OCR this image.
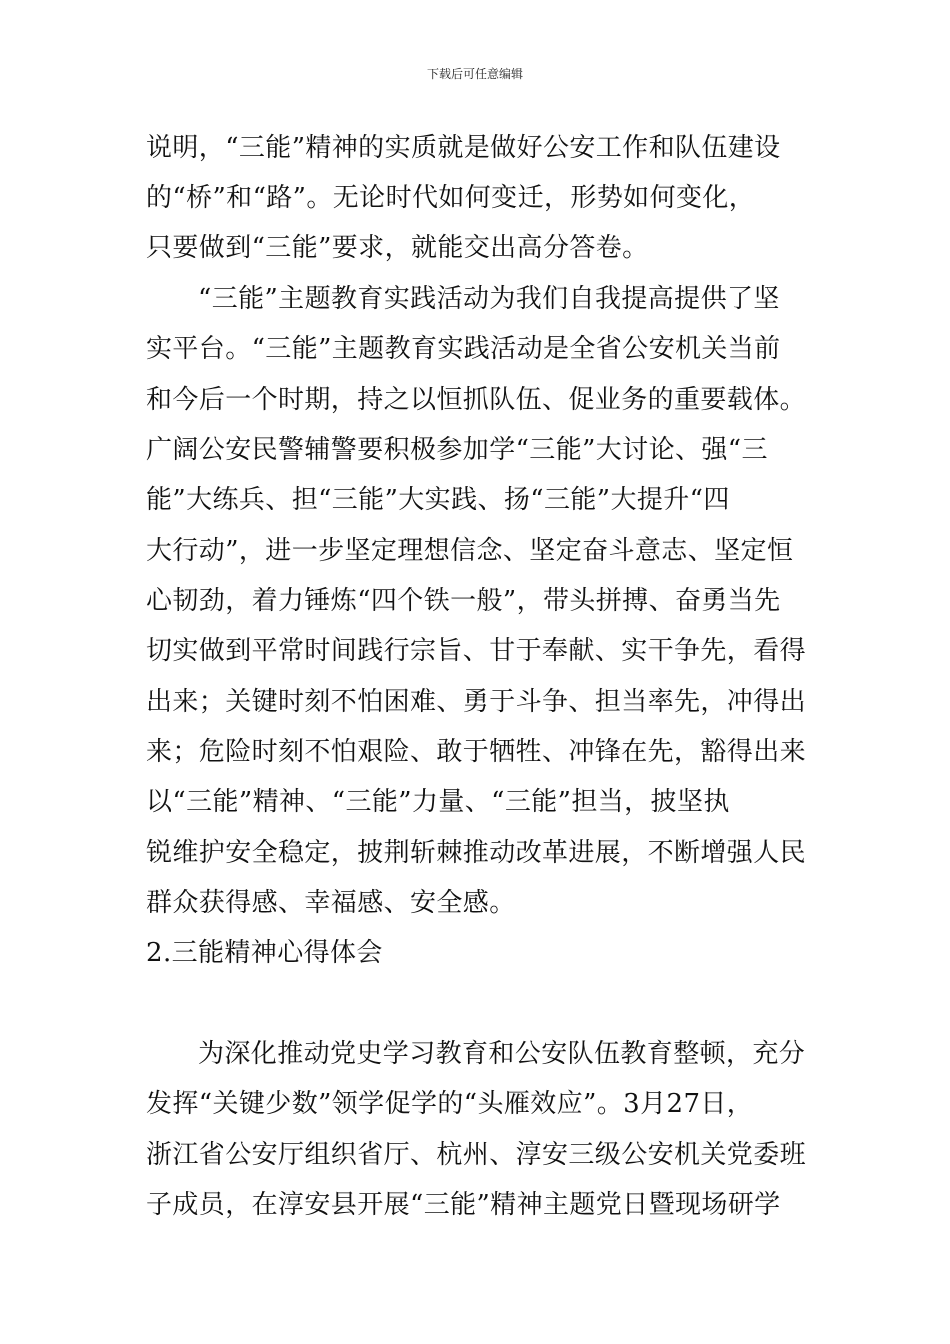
下载后可任意编辑
说明，“三能”精神的实质就是做好公安工作和队伍建设
的“桥”和“路”。无论时代如何变迁，形势如何变化，
只要做到“三能”要求，就能交出高分答卷。
“三能”主题教育实践活动为我们自我提高提供了坚
实平台。“三能”主题教育实践活动是全省公安机关当前
和今后一个时期，持之以恒抓队伍、促业务的重要载体。
广阔公安民警辅警要积极参加学“三能”大讨论、强“三
能”大练兵、担“三能”大实践、扬“三能”大提升“四
大行动”，进一步坚定理想信念、坚定奋斗意志、坚定恒
心韧劲，着力锤炼“四个铁一般”，带头拼搏、奋勇当先
切实做到平常时间践行宗旨、甘于奉献、实干争先，看得
出来；关键时刻不怕困难、勇于斗争、担当率先，冲得出
来；危险时刻不怕艰险、敢于牺牲、冲锋在先，豁得出来
以“三能”精神、“三能”力量、“三能”担当，披坚执
锐维护安全稳定，披荆斩棘推动改革进展，不断增强人民
群众获得感、幸福感、安全感。
2.三能精神心得体会
为深化推动党史学习教育和公安队伍教育整顿，充分
发挥“关键少数”领学促学的“头雁效应”。3月27日，
浙江省公安厅组织省厅、杭州、淳安三级公安机关党委班
子成员，在淳安县开展“三能”精神主题党日暨现场研学
